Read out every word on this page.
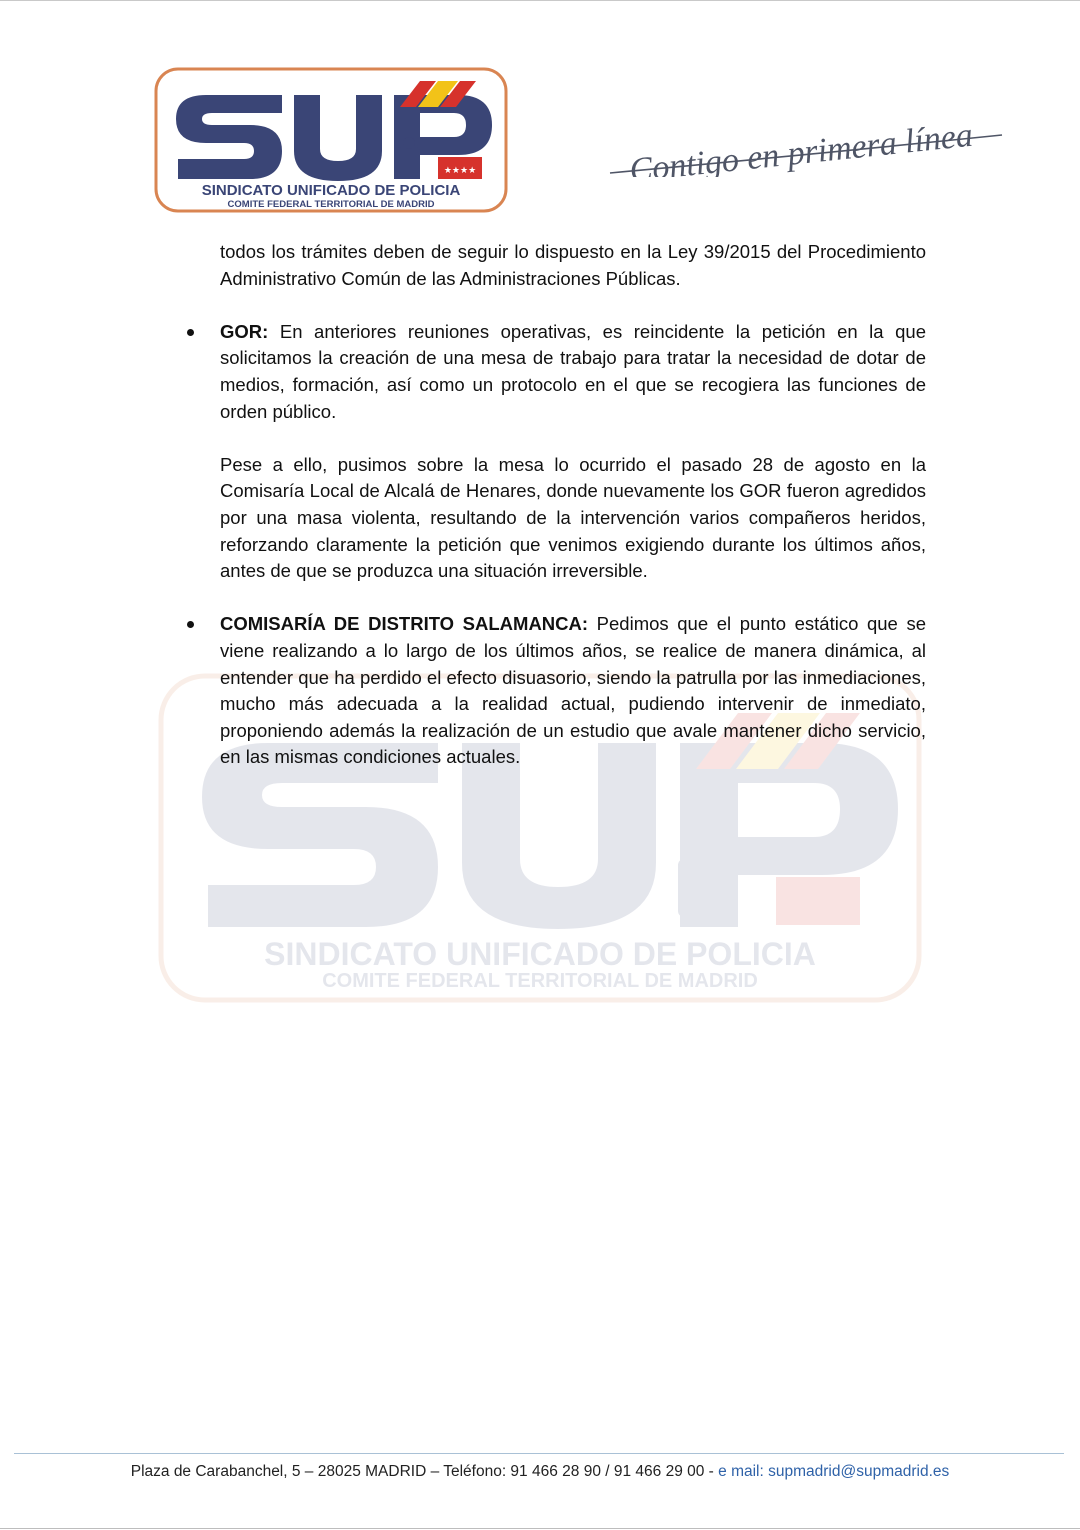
★★★★
SINDICATO UNIFICADO DE POLICIA
COMITE FEDERAL TERRITORIAL DE MADRID
Contigo en primera línea
SINDICATO UNIFICADO DE POLICIA
COMITE FEDERAL TERRITORIAL DE MADRID

todos los trámites deben de seguir lo dispuesto en la Ley 39/2015 del Procedimiento Administrativo Común de las Administraciones Públicas.

GOR: En anteriores reuniones operativas, es reincidente la petición en la que solicitamos la creación de una mesa de trabajo para tratar la necesidad de dotar de medios, formación, así como un protocolo en el que se recogiera las funciones de orden público.

Pese a ello, pusimos sobre la mesa lo ocurrido el pasado 28 de agosto en la Comisaría Local de Alcalá de Henares, donde nuevamente los GOR fueron agredidos por una masa violenta, resultando de la intervención varios compañeros heridos, reforzando claramente la petición que venimos exigiendo durante los últimos años, antes de que se produzca una situación irreversible.

COMISARÍA DE DISTRITO SALAMANCA: Pedimos que el punto estático que se viene realizando a lo largo de los últimos años, se realice de manera dinámica, al entender que ha perdido el efecto disuasorio, siendo la patrulla por las inmediaciones, mucho más adecuada a la realidad actual, pudiendo intervenir de inmediato, proponiendo además la realización de un estudio que avale mantener dicho servicio, en las mismas condiciones actuales.

Plaza de Carabanchel, 5 – 28025 MADRID – Teléfono: 91 466 28 90 / 91 466 29 00 - e mail: supmadrid@supmadrid.es
